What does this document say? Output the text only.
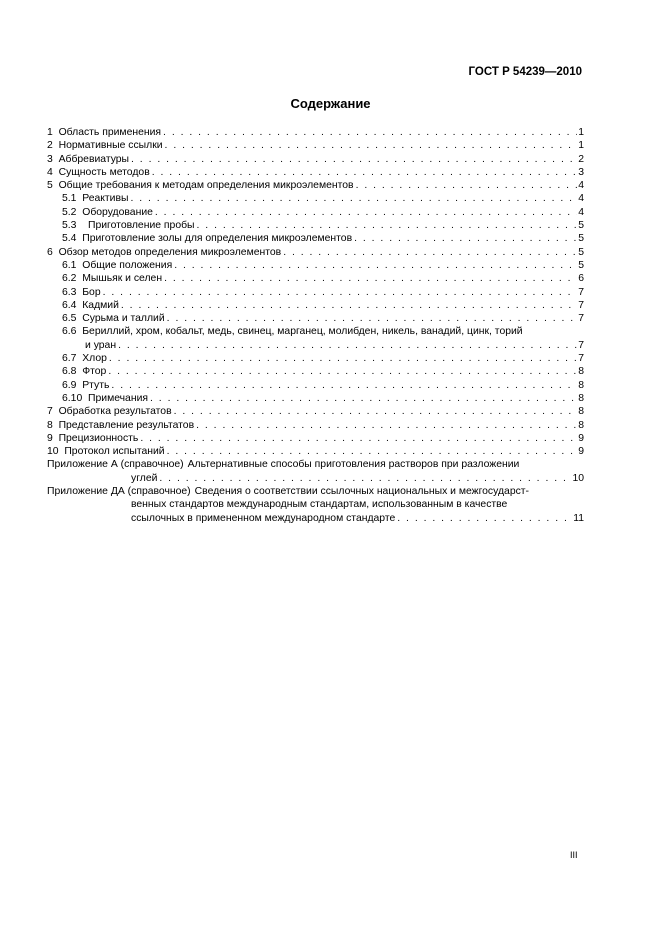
ГОСТ Р 54239—2010
Содержание
1 Область применения . . .	1
2 Нормативные ссылки . . .	1
3 Аббревиатуры . . .	2
4 Сущность методов . . .	3
5 Общие требования к методам определения микроэлементов . . .	4
5.1 Реактивы . . .	4
5.2 Оборудование . . .	4
5.3    Приготовление пробы . . .	5
5.4 Приготовление золы для определения микроэлементов . . .	5
6 Обзор методов определения микроэлементов . . .	5
6.1 Общие положения . . .	5
6.2 Мышьяк и селен . . .	6
6.3 Бор . . .	7
6.4 Кадмий . . .	7
6.5 Сурьма и таллий . . .	7
6.6 Бериллий, хром, кобальт, медь, свинец, марганец, молибден, никель, ванадий, цинк, торий
и уран . . .	7
6.7 Хлор . . .	7
6.8 Фтор . . .	8
6.9 Ртуть . . .	8
6.10 Примечания . . .	8
7 Обработка результатов . . .	8
8 Представление результатов . . .	8
9 Прецизионность . . .	9
10 Протокол испытаний . . .	9
Приложение А (справочное) Альтернативные способы приготовления растворов при разложении
углей . . .	10
Приложение ДА (справочное) Сведения о соответствии ссылочных национальных и межгосударст-
венных стандартов международным стандартам, использованным в качестве
ссылочных в примененном международном стандарте . . .	11
III
